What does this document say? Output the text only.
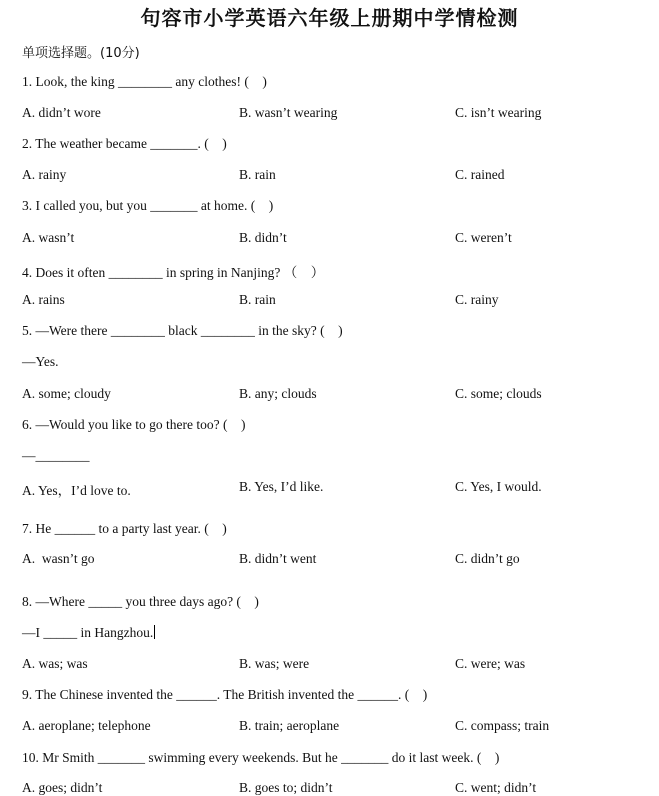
句容市小学英语六年级上册期中学情检测
单项选择题。(10分)
1. Look, the king ________ any clothes! (    )
A. didn’t wore	B. wasn’t wearing	C. isn’t wearing
2. The weather became _______. (    )
A. rainy	B. rain	C. rained
3. I called you, but you _______ at home. (    )
A. wasn’t	B. didn’t	C. weren’t
4. Does it often ________ in spring in Nanjing? （    ）
A. rains	B. rain	C. rainy
5. —Were there ________ black ________ in the sky? (    )
—Yes.
A. some; cloudy	B. any; clouds	C. some; clouds
6. —Would you like to go there too? (    )
—________
A. Yes，I’d love to.	B. Yes, I’d like.	C. Yes, I would.
7. He ______ to a party last year. (    )
A.  wasn’t go	B. didn’t went	C. didn’t go
8. —Where _____ you three days ago? (    )
—I _____ in Hangzhou.
A. was; was	B. was; were	C. were; was
9. The Chinese invented the ______. The British invented the ______. (    )
A. aeroplane; telephone	B. train; aeroplane	C. compass; train
10. Mr Smith _______ swimming every weekends. But he _______ do it last week. (    )
A. goes; didn’t	B. goes to; didn’t	C. went; didn’t
